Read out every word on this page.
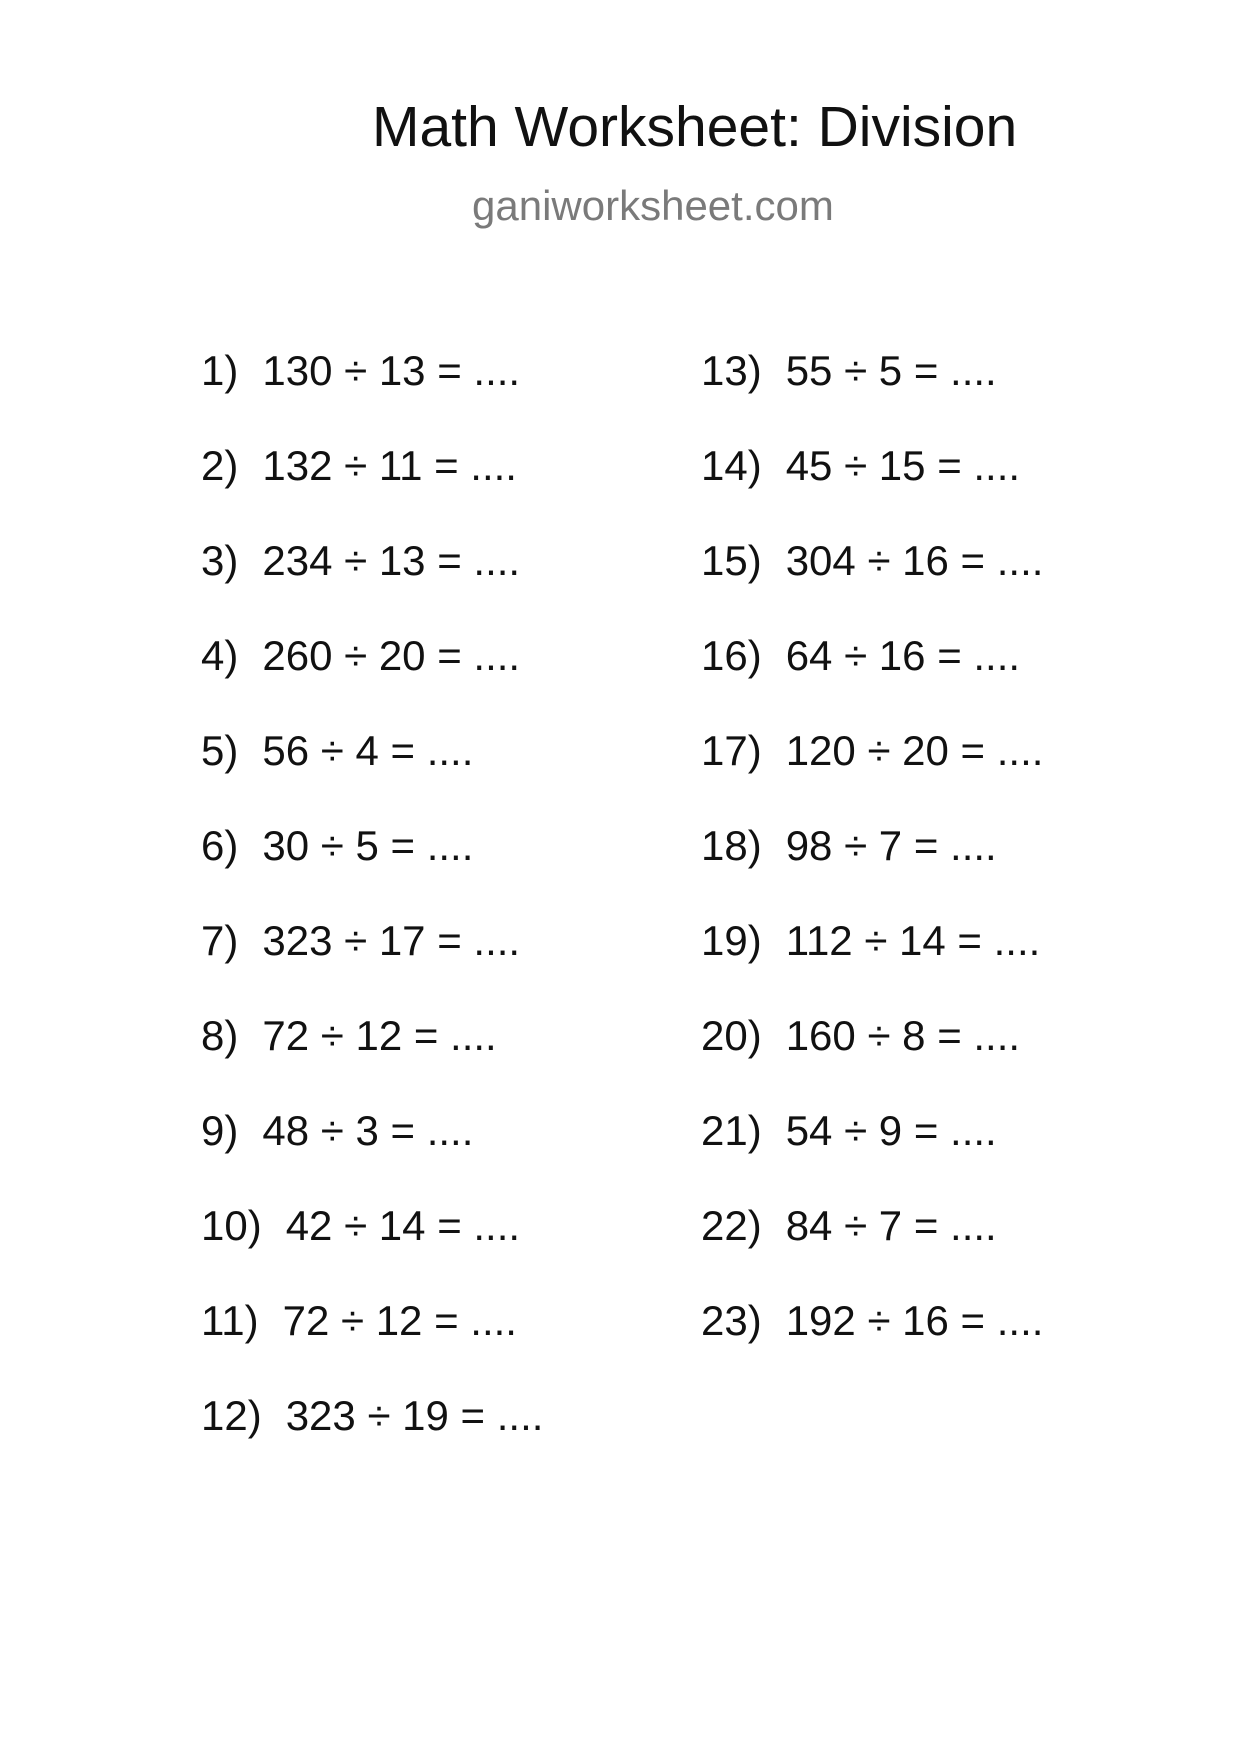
Math Worksheet: Division
ganiworksheet.com
1) 130 ÷ 13 = ....
2) 132 ÷ 11 = ....
3) 234 ÷ 13 = ....
4) 260 ÷ 20 = ....
5) 56 ÷ 4 = ....
6) 30 ÷ 5 = ....
7) 323 ÷ 17 = ....
8) 72 ÷ 12 = ....
9) 48 ÷ 3 = ....
10) 42 ÷ 14 = ....
11) 72 ÷ 12 = ....
12) 323 ÷ 19 = ....
13) 55 ÷ 5 = ....
14) 45 ÷ 15 = ....
15) 304 ÷ 16 = ....
16) 64 ÷ 16 = ....
17) 120 ÷ 20 = ....
18) 98 ÷ 7 = ....
19) 112 ÷ 14 = ....
20) 160 ÷ 8 = ....
21) 54 ÷ 9 = ....
22) 84 ÷ 7 = ....
23) 192 ÷ 16 = ....
